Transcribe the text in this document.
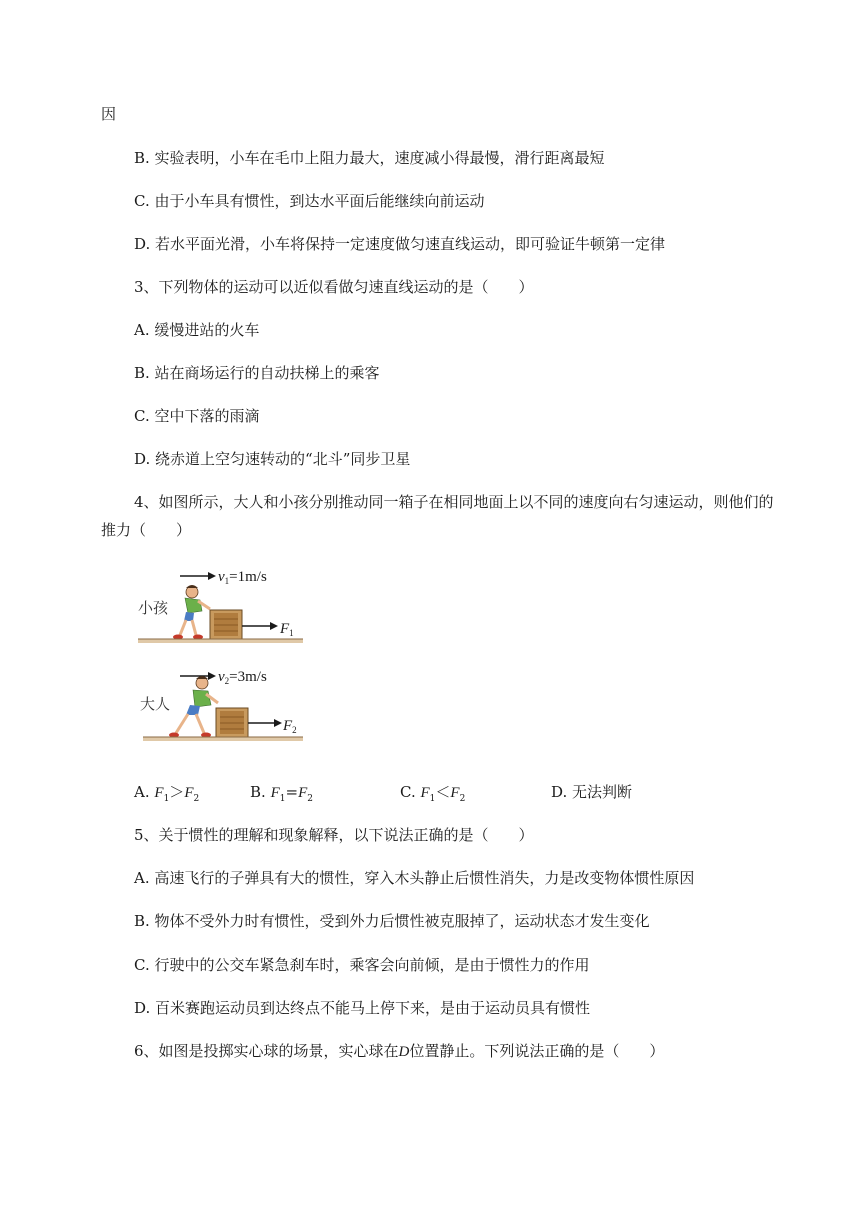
因
B. 实验表明，小车在毛巾上阻力最大，速度减小得最慢，滑行距离最短
C. 由于小车具有惯性，到达水平面后能继续向前运动
D. 若水平面光滑，小车将保持一定速度做匀速直线运动，即可验证牛顿第一定律
3、下列物体的运动可以近似看做匀速直线运动的是（　　）
A. 缓慢进站的火车
B. 站在商场运行的自动扶梯上的乘客
C. 空中下落的雨滴
D. 绕赤道上空匀速转动的“北斗”同步卫星
4、如图所示，大人和小孩分别推动同一箱子在相同地面上以不同的速度向右匀速运动，则他们的
推力（　　）
$v_1=1m/s$
小孩
$F_1$
$v_2=3m/s$
大人
$F_2$
A. $F_1>F_2$	B. $F_1=F_2$	C. $F_1<F_2$	D. 无法判断
5、关于惯性的理解和现象解释，以下说法正确的是（　　）
A. 高速飞行的子弹具有大的惯性，穿入木头静止后惯性消失，力是改变物体惯性原因
B. 物体不受外力时有惯性，受到外力后惯性被克服掉了，运动状态才发生变化
C. 行驶中的公交车紧急刹车时，乘客会向前倾，是由于惯性力的作用
D. 百米赛跑运动员到达终点不能马上停下来，是由于运动员具有惯性
6、如图是投掷实心球的场景，实心球在D位置静止。下列说法正确的是（　　）
